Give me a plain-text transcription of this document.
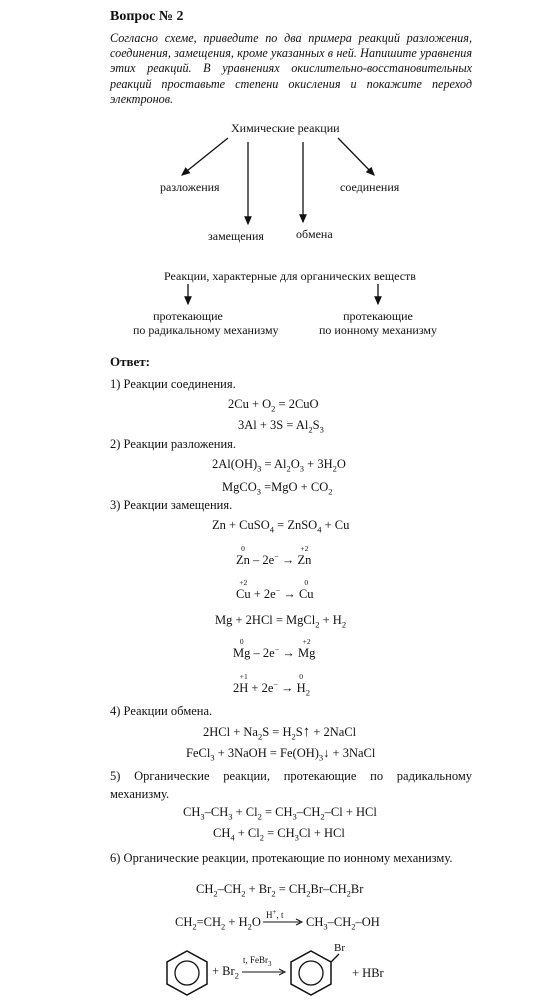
Вопрос № 2
Согласно схеме, приведите по два примера реакций разложения, соединения, замещения, кроме указанных в ней. Напишите уравнения этих реакций. В уравнениях окислительно-восстановительных реакций проставьте степени окисления и покажите переход электронов.
Химические реакции
разложения	соединения
замещения	обмена
Реакции, характерные для органических веществ
протекающие
по радикальному механизму
протекающие
по ионному механизму
Ответ:
1) Реакции соединения.
$2Cu + O_2 = 2CuO$
$3Al + 3S = Al_2S_3$
2) Реакции разложения.
$2Al(OH)_3 = Al_2O_3 + 3H_2O$
MgCO$_3$ $=MgO + CO_2$
3) Реакции замещения.
Zn + CuSO$_4$ = ZnSO$_4$ + Cu
Zn
0
– 2e− → Zn
+2
Cu
+2
+ 2e− → Cu
0
Mg + 2HCl = MgCl$_2$ + $H_2$
Mg
0
– 2e− → Mg
+2
2H
+1
+ 2e− → H
0
$_2$
4) Реакции обмена.
$2HCl + Na_2S$ = $H_2S↑$ + 2NaCl
FeCl$_3$ + 3NaOH = $Fe(OH)_3↓$ + 3NaCl
5) Органические реакции, протекающие по радикальному механизму.
$CH_3-CH_3 + Cl_2 = CH_3-CH_2-Cl$ + HCl
$CH_4 + Cl_2 = CH_3Cl$ + HCl
6) Органические реакции, протекающие по ионному механизму.
$CH_2-CH_2 + Br_2 = CH_2Br-CH_2Br$
$CH_2=CH_2 + H_2O$ H+, $t \to CH_3-CH_2-OH$
+ $Br_2$
t, FeBr$_3$
Br
+ HBr
